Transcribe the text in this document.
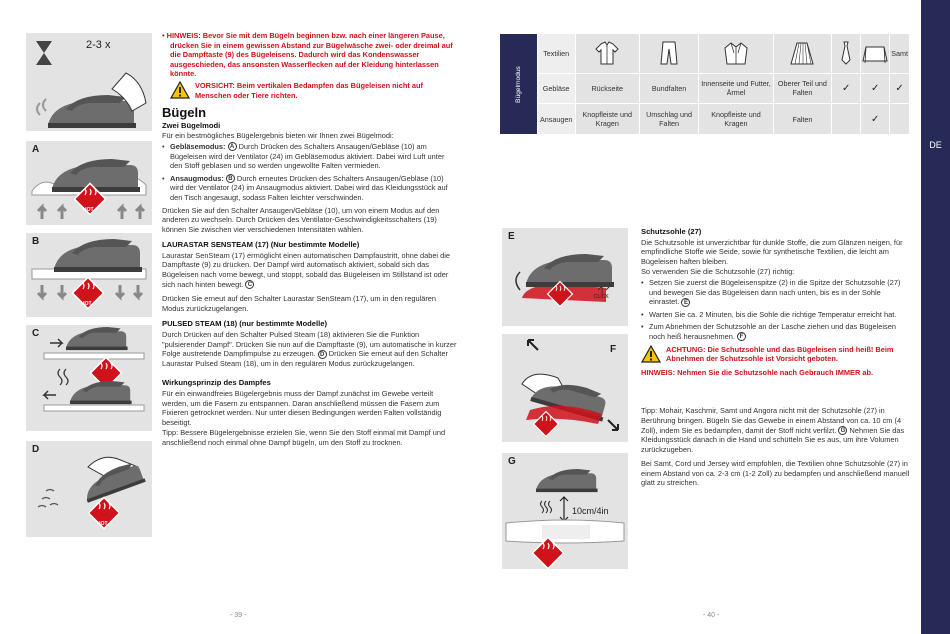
2-3 x
A
HOT
B
HOT
C
D
HOT

• HINWEIS: Bevor Sie mit dem Bügeln beginnen bzw. nach einer längeren Pause, drücken Sie in einem gewissen Abstand zur Bügelwäsche zwei- oder dreimal auf die Dampftaste (9) des Bügeleisens. Dadurch wird das Kondenswasser ausgeschieden, das ansonsten Wasserflecken auf der Kleidung hinterlassen könnte.

VORSICHT: Beim vertikalen Bedampfen das Bügeleisen nicht auf Menschen oder Tiere richten.
Bügeln
Zwei Bügelmodi

Für ein bestmögliches Bügelergebnis bieten wir Ihnen zwei Bügelmodi:

• Gebläsemodus: A Durch Drücken des Schalters Ansaugen/Gebläse (10) am Bügeleisen wird der Ventilator (24) im Gebläsemodus aktiviert. Dabei wird Luft unter den Stoff geblasen und so werden ungewollte Falten vermieden.
• Ansaugmodus: B Durch erneutes Drücken des Schalters Ansaugen/Gebläse (10) wird der Ventilator (24) im Ansaugmodus aktiviert. Dabei wird das Kleidungsstück auf den Tisch angesaugt, sodass Falten leichter verschwinden.

Drücken Sie auf den Schalter Ansaugen/Gebläse (10), um von einem Modus auf den anderen zu wechseln. Durch Drücken des Ventilator-Geschwindigkeitsschalters (19) können Sie zwischen vier verschiedenen Intensitäten wählen.

LAURASTAR SENSTEAM (17) (Nur bestimmte Modelle)

Laurastar SenSteam (17) ermöglicht einen automatischen Dampfaustritt, ohne dabei die Dampftaste (9) zu drücken. Der Dampf wird automatisch aktiviert, sobald sich das Bügeleisen nach vorne bewegt, und stoppt, sobald das Bügeleisen im Stillstand ist oder sich nach hinten bewegt. C

Drücken Sie erneut auf den Schalter Laurastar SenSteam (17), um in den regulären Modus zurückzugelangen.

PULSED STEAM (18) (nur bestimmte Modelle)

Durch Drücken auf den Schalter Pulsed Steam (18) aktivieren Sie die Funktion "pulsierender Dampf". Drücken Sie nun auf die Dampftaste (9), um automatische in kurzer Folge austretende Dampfimpulse zu erzeugen. D Drücken Sie erneut auf den Schalter Laurastar Pulsed Steam (18), um in den regulären Modus zurückzugelangen.

Wirkungsprinzip des Dampfes

Für ein einwandfreies Bügelergebnis muss der Dampf zunächst im Gewebe verteilt werden, um die Fasern zu entspannen. Daran anschließend müssen die Fasern zum Fixieren getrocknet werden. Nur unter diesen Bedingungen werden Falten vollständig beseitigt.

Tipp: Bessere Bügelergebnisse erzielen Sie, wenn Sie den Stoff einmal mit Dampf und anschließend noch einmal ohne Dampf bügeln, um den Stoff zu trocknen.

- 39 -
Bügelmodus	Textilien							Samt
	Gebläse	Rückseite	Bundfalten	Innenseite und Futter, Ärmel	Oberer Teil und Falten	✓	✓	✓
	Ansaugen	Knopfleiste und Kragen	Umschlag und Falten	Knopfleiste und Kragen	Falten		✓	
E
CLICK
F
G
10cm/4in
Schutzsohle (27)

Die Schutzsohle ist unverzichtbar für dunkle Stoffe, die zum Glänzen neigen, für empfindliche Stoffe wie Seide, sowie für synthetische Textilien, die leicht am Bügeleisen haften bleiben.

So verwenden Sie die Schutzsohle (27) richtig:

• Setzen Sie zuerst die Bügeleisenspitze (2) in die Spitze der Schutzsohle (27) und bewegen Sie das Bügeleisen dann nach unten, bis es in der Sohle einrastet. E
• Warten Sie ca. 2 Minuten, bis die Sohle die richtige Temperatur erreicht hat.
• Zum Abnehmen der Schutzsohle an der Lasche ziehen und das Bügeleisen noch heiß herausnehmen. F
ACHTUNG: Die Schutzsohle und das Bügeleisen sind heiß! Beim Abnehmen der Schutzsohle ist Vorsicht geboten.

HINWEIS: Nehmen Sie die Schutzsohle nach Gebrauch IMMER ab.

Tipp: Mohair, Kaschmir, Samt und Angora nicht mit der Schutzsohle (27) in Berührung bringen. Bügeln Sie das Gewebe in einem Abstand von ca. 10 cm (4 Zoll), indem Sie es bedampfen, damit der Stoff nicht verfilzt. G Nehmen Sie das Kleidungsstück danach in die Hand und schütteln Sie es aus, um ihre Volumen zurückzugeben.

Bei Samt, Cord und Jersey wird empfohlen, die Textilien ohne Schutzsohle (27) in einem Abstand von ca. 2-3 cm (1-2 Zoll) zu bedampfen und anschließend manuell glatt zu streichen.

- 40 -
DE
